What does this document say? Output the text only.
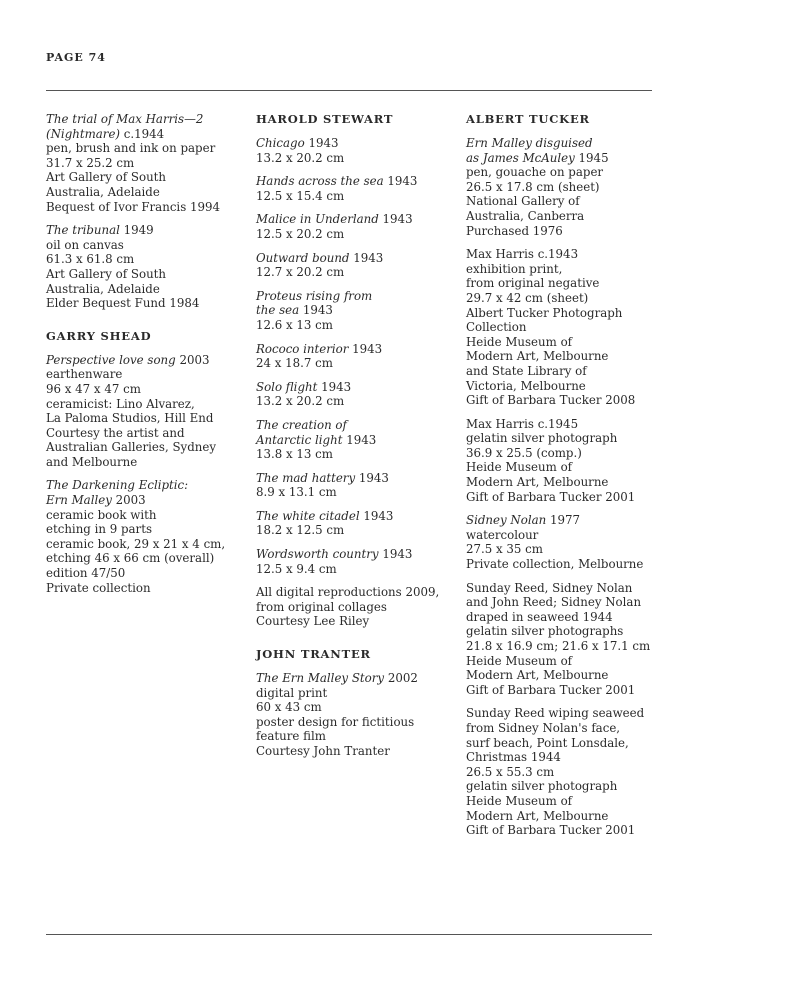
PAGE 74
The trial of Max Harris—2
(Nightmare) c.1944
pen, brush and ink on paper
31.7 x 25.2 cm
Art Gallery of South
Australia, Adelaide
Bequest of Ivor Francis 1994
The tribunal 1949
oil on canvas
61.3 x 61.8 cm
Art Gallery of South
Australia, Adelaide
Elder Bequest Fund 1984
GARRY SHEAD
Perspective love song 2003
earthenware
96 x 47 x 47 cm
ceramicist: Lino Alvarez,
La Paloma Studios, Hill End
Courtesy the artist and
Australian Galleries, Sydney
and Melbourne
The Darkening Ecliptic:
Ern Malley 2003
ceramic book with
etching in 9 parts
ceramic book, 29 x 21 x 4 cm,
etching 46 x 66 cm (overall)
edition 47/50
Private collection
HAROLD STEWART
Chicago 1943
13.2 x 20.2 cm
Hands across the sea 1943
12.5 x 15.4 cm
Malice in Underland 1943
12.5 x 20.2 cm
Outward bound 1943
12.7 x 20.2 cm
Proteus rising from
the sea 1943
12.6 x 13 cm
Rococo interior 1943
24 x 18.7 cm
Solo flight 1943
13.2 x 20.2 cm
The creation of
Antarctic light 1943
13.8 x 13 cm
The mad hattery 1943
8.9 x 13.1 cm
The white citadel 1943
18.2 x 12.5 cm
Wordsworth country 1943
12.5 x 9.4 cm
All digital reproductions 2009,
from original collages
Courtesy Lee Riley
JOHN TRANTER
The Ern Malley Story 2002
digital print
60 x 43 cm
poster design for fictitious
feature film
Courtesy John Tranter
ALBERT TUCKER
Ern Malley disguised
as James McAuley 1945
pen, gouache on paper
26.5 x 17.8 cm (sheet)
National Gallery of
Australia, Canberra
Purchased 1976
Max Harris c.1943
exhibition print,
from original negative
29.7 x 42 cm (sheet)
Albert Tucker Photograph
Collection
Heide Museum of
Modern Art, Melbourne
and State Library of
Victoria, Melbourne
Gift of Barbara Tucker 2008
Max Harris c.1945
gelatin silver photograph
36.9 x 25.5 (comp.)
Heide Museum of
Modern Art, Melbourne
Gift of Barbara Tucker 2001
Sidney Nolan 1977
watercolour
27.5 x 35 cm
Private collection, Melbourne
Sunday Reed, Sidney Nolan
and John Reed; Sidney Nolan
draped in seaweed 1944
gelatin silver photographs
21.8 x 16.9 cm; 21.6 x 17.1 cm
Heide Museum of
Modern Art, Melbourne
Gift of Barbara Tucker 2001
Sunday Reed wiping seaweed
from Sidney Nolan's face,
surf beach, Point Lonsdale,
Christmas 1944
26.5 x 55.3 cm
gelatin silver photograph
Heide Museum of
Modern Art, Melbourne
Gift of Barbara Tucker 2001
